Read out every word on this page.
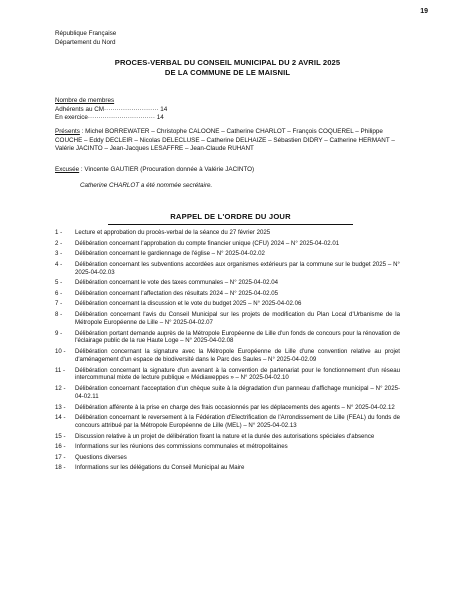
19
République Française
Département du Nord
PROCES-VERBAL DU CONSEIL MUNICIPAL DU 2 AVRIL 2025
DE LA COMMUNE DE LE MAISNIL
Nombre de membres
Adhérents au CM·························· 14
En exercice································ 14
Présents : Michel BORREWATER – Christophe CALOONE – Catherine CHARLOT – François COQUEREL – Philippe COUCHE – Eddy DECLEIR – Nicolas DELECLUSE – Catherine DELHAIZE – Sébastien DIDRY – Catherine HERMANT – Valérie JACINTO – Jean-Jacques LESAFFRE – Jean-Claude RUHANT
Excusée : Vincente GAUTIER (Procuration donnée à Valérie JACINTO)
Catherine CHARLOT a été nommée secrétaire.
RAPPEL DE L'ORDRE DU JOUR
1 -	Lecture et approbation du procès-verbal de la séance du 27 février 2025
2 -	Délibération concernant l'approbation du compte financier unique (CFU) 2024 – N° 2025-04-02.01
3 -	Délibération concernant le gardiennage de l'église – N° 2025-04-02.02
4 -	Délibération concernant les subventions accordées aux organismes extérieurs par la commune sur le budget 2025 – N° 2025-04-02.03
5 -	Délibération concernant le vote des taxes communales – N° 2025-04-02.04
6 -	Délibération concernant l'affectation des résultats 2024 – N° 2025-04-02.05
7 -	Délibération concernant la discussion et le vote du budget 2025 – N° 2025-04-02.06
8 -	Délibération concernant l'avis du Conseil Municipal sur les projets de modification du Plan Local d'Urbanisme de la Métropole Européenne de Lille – N° 2025-04-02.07
9 -	Délibération portant demande auprès de la Métropole Européenne de Lille d'un fonds de concours pour la rénovation de l'éclairage public de la rue Haute Loge – N° 2025-04-02.08
10 -	Délibération concernant la signature avec la Métropole Européenne de Lille d'une convention relative au projet d'aménagement d'un espace de biodiversité dans le Parc des Saules – N° 2025-04-02.09
11 -	Délibération concernant la signature d'un avenant à la convention de partenariat pour le fonctionnement d'un réseau intercommunal mixte de lecture publique « Médiaweppes » – N° 2025-04-02.10
12 -	Délibération concernant l'acceptation d'un chèque suite à la dégradation d'un panneau d'affichage municipal – N° 2025-04-02.11
13 -	Délibération afférente à la prise en charge des frais occasionnés par les déplacements des agents – N° 2025-04-02.12
14 -	Délibération concernant le reversement à la Fédération d'Electrification de l'Arrondissement de Lille (FEAL) du fonds de concours attribué par la Métropole Européenne de Lille (MEL) – N° 2025-04-02.13
15 -	Discussion relative à un projet de délibération fixant la nature et la durée des autorisations spéciales d'absence
16 -	Informations sur les réunions des commissions communales et métropolitaines
17 -	Questions diverses
18 -	Informations sur les délégations du Conseil Municipal au Maire
